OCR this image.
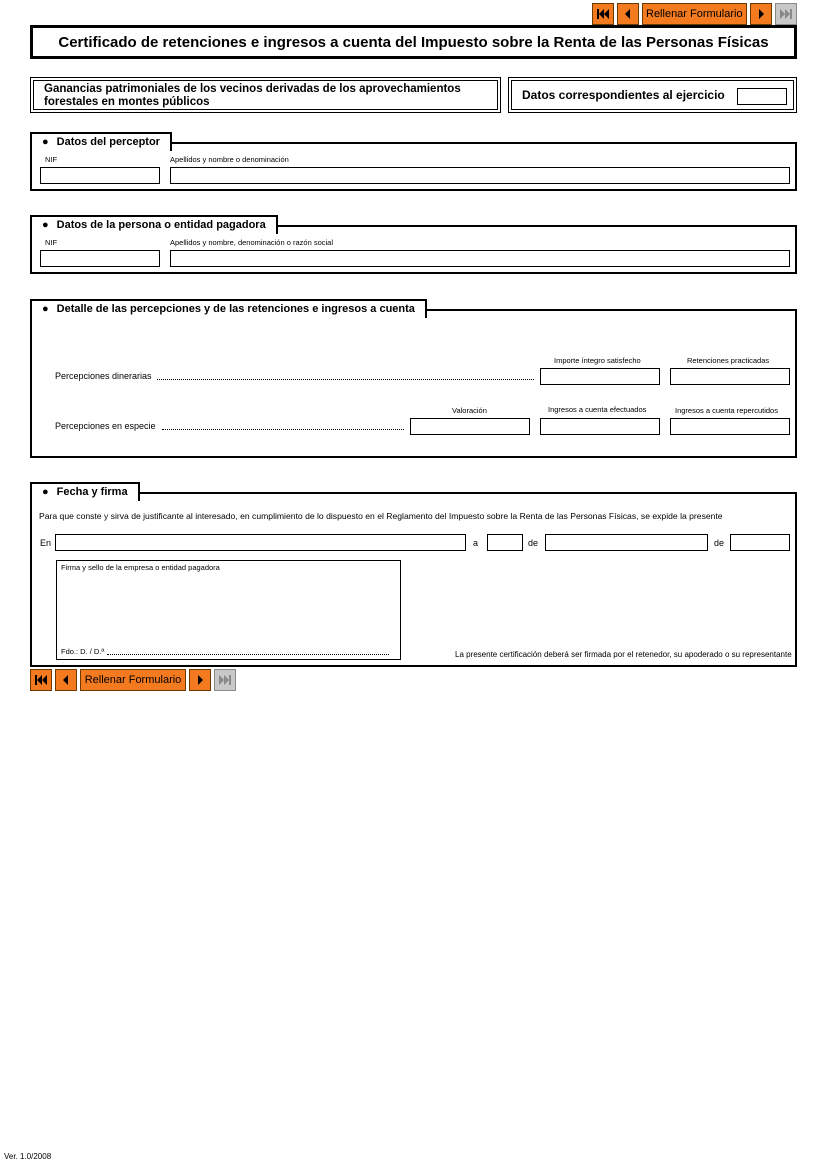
Rellenar Formulario
Certificado de retenciones e ingresos a cuenta del Impuesto sobre la Renta de las Personas Físicas
Ganancias patrimoniales de los vecinos derivadas de los aprovechamientos forestales en montes públicos	Datos correspondientes al ejercicio
NIF	Apellidos y nombre o denominación
● Datos del perceptor
NIF	Apellidos y nombre, denominación o razón social
● Datos de la persona o entidad pagadora
Importe íntegro satisfecho	Retenciones practicadas
Percepciones dinerarias
Valoración	Ingresos a cuenta efectuados	Ingresos a cuenta repercutidos
Percepciones en especie
● Detalle de las percepciones y de las retenciones e ingresos a cuenta
Para que conste y sirva de justificante al interesado, en cumplimiento de lo dispuesto en el Reglamento del Impuesto sobre la Renta de las Personas Físicas, se expide la presente
En	a	de	de
Firma y sello de la empresa o entidad pagadora
Fdo.: D. / D.ª	La presente certificación deberá ser firmada por el retenedor, su apoderado o su representante
● Fecha y firma
Rellenar Formulario
Ver. 1.0/2008
